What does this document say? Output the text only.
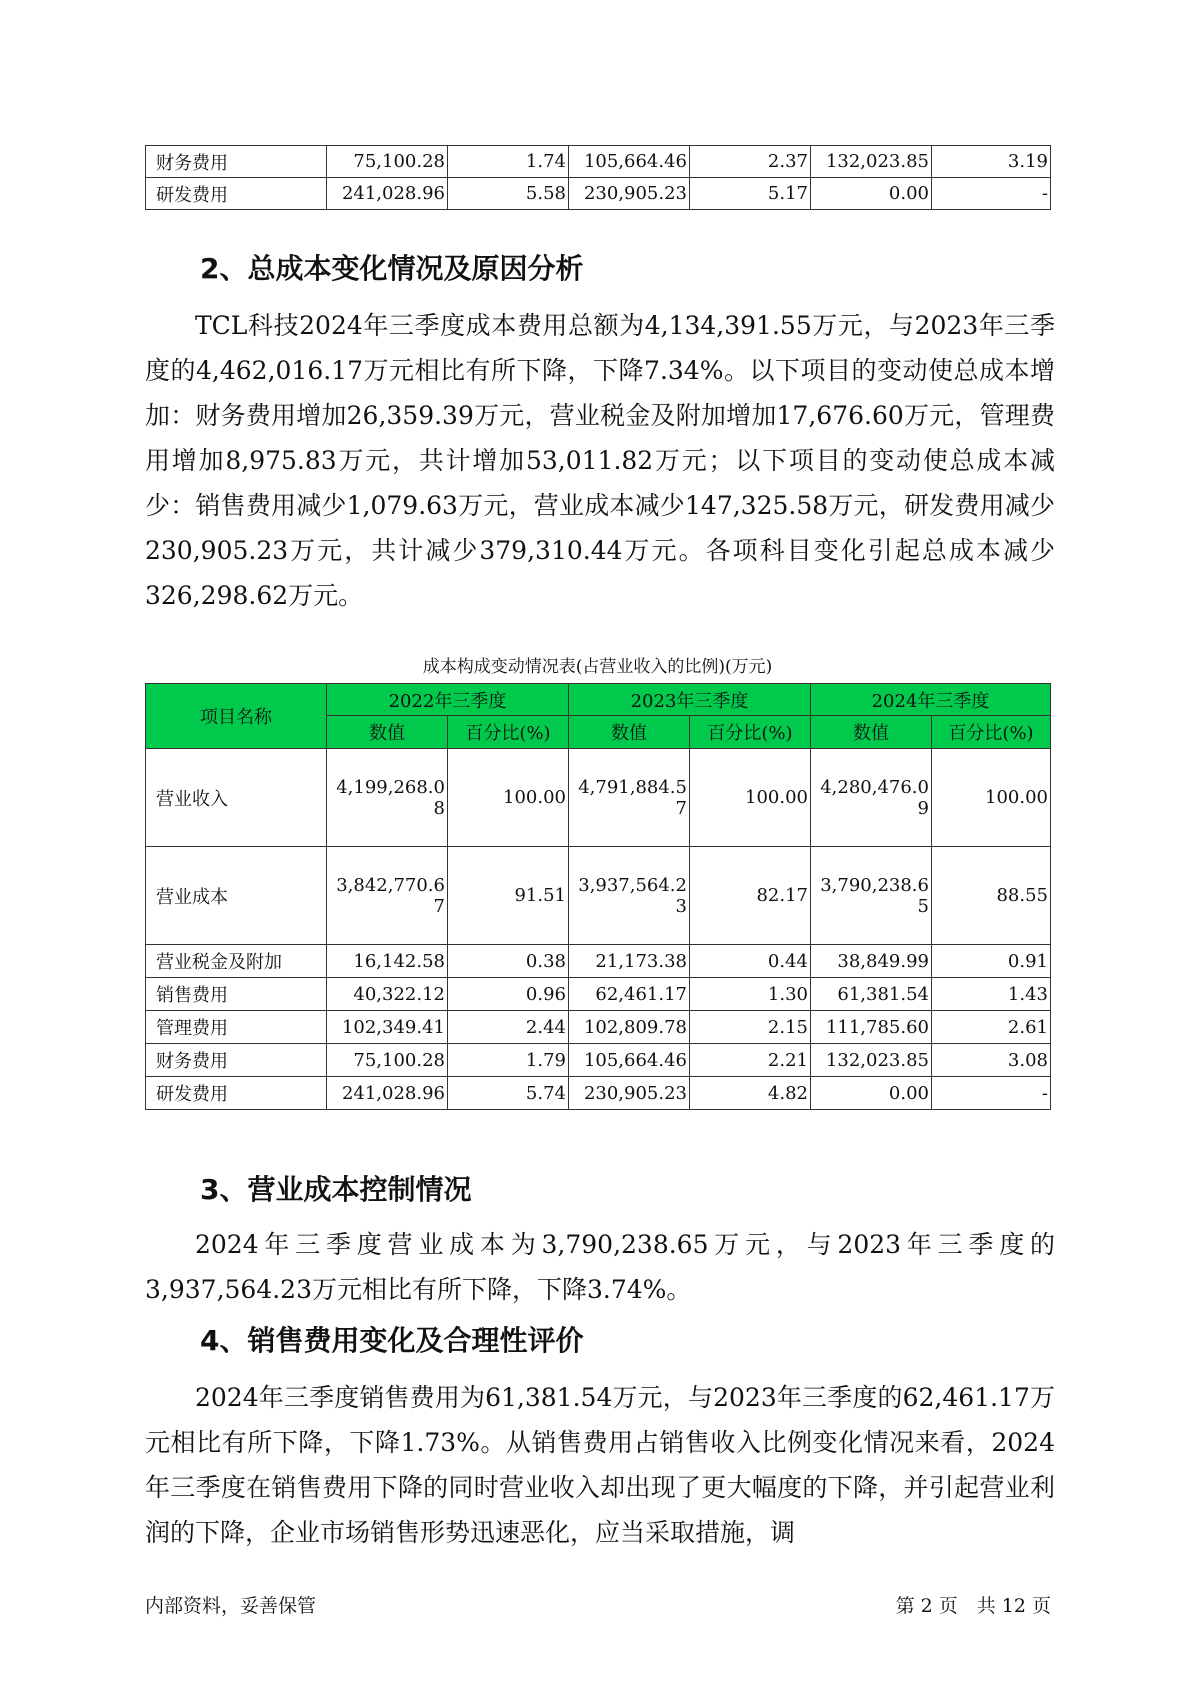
财务费用	75,100.28	1.74	105,664.46	2.37	132,023.85	3.19
研发费用	241,028.96	5.58	230,905.23	5.17	0.00	-
2、总成本变化情况及原因分析

TCL科技2024年三季度成本费用总额为4,134,391.55万元，与2023年三季度的4,462,016.17万元相比有所下降，下降7.34%。以下项目的变动使总成本增加：财务费用增加26,359.39万元，营业税金及附加增加17,676.60万元，管理费用增加8,975.83万元，共计增加53,011.82万元；以下项目的变动使总成本减少：销售费用减少1,079.63万元，营业成本减少147,325.58万元，研发费用减少230,905.23万元，共计减少379,310.44万元。各项科目变化引起总成本减少326,298.62万元。

成本构成变动情况表(占营业收入的比例)(万元)
项目名称	2022年三季度		2023年三季度		2024年三季度	
	数值	百分比(%)	数值	百分比(%)	数值	百分比(%)
营业收入	4,199,268.08	100.00	4,791,884.57	100.00	4,280,476.09	100.00
营业成本	3,842,770.67	91.51	3,937,564.23	82.17	3,790,238.65	88.55
营业税金及附加	16,142.58	0.38	21,173.38	0.44	38,849.99	0.91
销售费用	40,322.12	0.96	62,461.17	1.30	61,381.54	1.43
管理费用	102,349.41	2.44	102,809.78	2.15	111,785.60	2.61
财务费用	75,100.28	1.79	105,664.46	2.21	132,023.85	3.08
研发费用	241,028.96	5.74	230,905.23	4.82	0.00	-
3、营业成本控制情况

2024年三季度营业成本为3,790,238.65万元，与2023年三季度的3,937,564.23万元相比有所下降，下降3.74%。

4、销售费用变化及合理性评价

2024年三季度销售费用为61,381.54万元，与2023年三季度的62,461.17万元相比有所下降，下降1.73%。从销售费用占销售收入比例变化情况来看，2024年三季度在销售费用下降的同时营业收入却出现了更大幅度的下降，并引起营业利润的下降，企业市场销售形势迅速恶化，应当采取措施，调

内部资料，妥善保管	第 2 页　共 12 页
